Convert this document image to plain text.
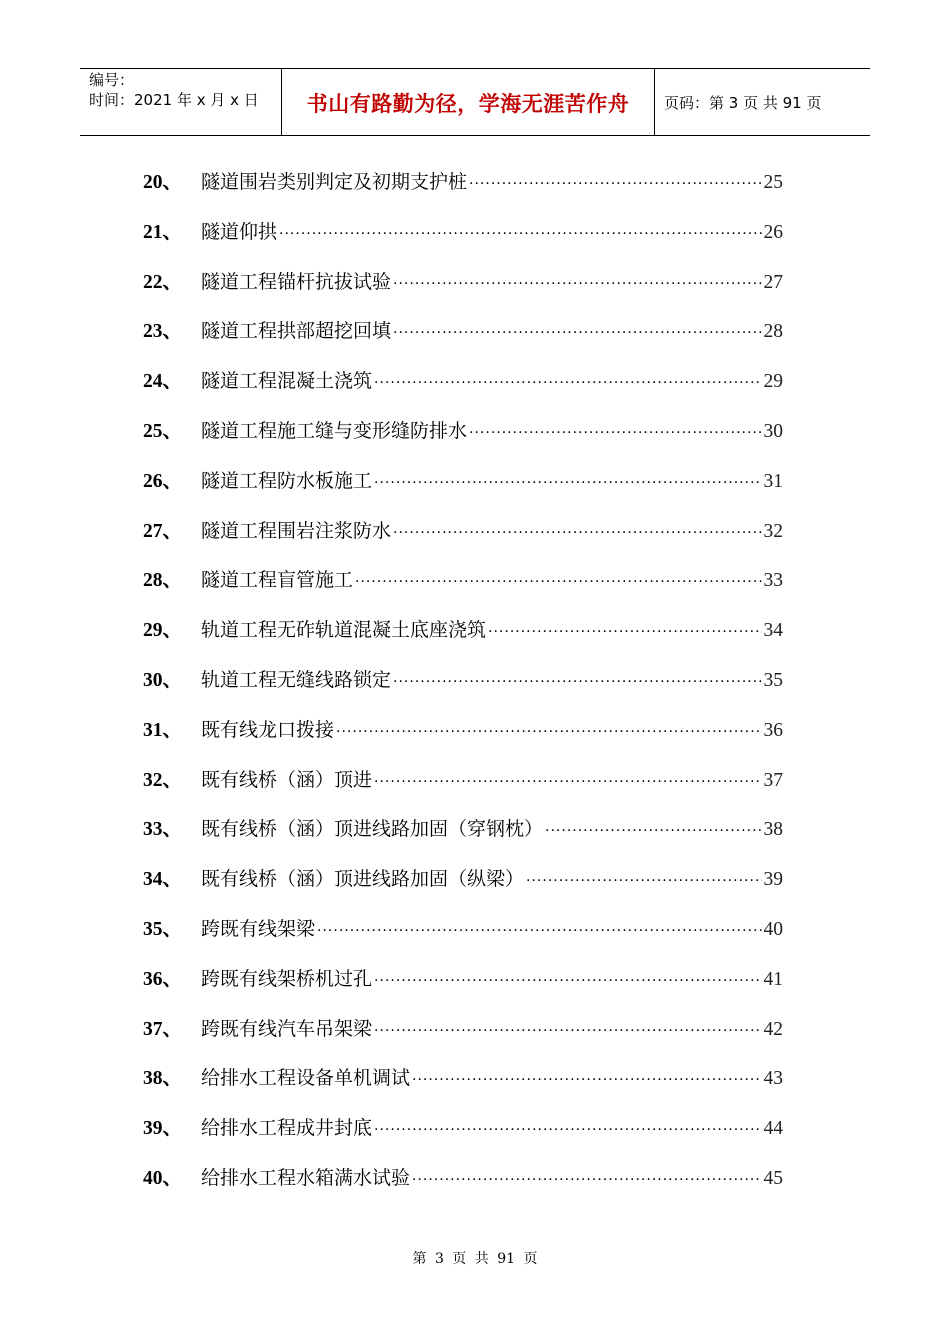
编号：
时间：2021 年 x 月 x 日	书山有路勤为径，学海无涯苦作舟	页码：第 3 页 共 91 页
20、 隧道围岩类别判定及初期支护桩 ·····	25
21、 隧道仰拱 ·····	26
22、 隧道工程锚杆抗拔试验 ·····	27
23、 隧道工程拱部超挖回填 ·····	28
24、 隧道工程混凝土浇筑 ·····	29
25、 隧道工程施工缝与变形缝防排水 ·····	30
26、 隧道工程防水板施工 ·····	31
27、 隧道工程围岩注浆防水 ·····	32
28、 隧道工程盲管施工 ·····	33
29、 轨道工程无砟轨道混凝土底座浇筑 ·····	34
30、 轨道工程无缝线路锁定 ·····	35
31、 既有线龙口拨接 ·····	36
32、 既有线桥（涵）顶进 ·····	37
33、 既有线桥（涵）顶进线路加固（穿钢枕） ·····	38
34、 既有线桥（涵）顶进线路加固（纵梁） ·····	39
35、 跨既有线架梁 ·····	40
36、 跨既有线架桥机过孔 ·····	41
37、 跨既有线汽车吊架梁 ·····	42
38、 给排水工程设备单机调试 ·····	43
39、 给排水工程成井封底 ·····	44
40、 给排水工程水箱满水试验 ·····	45
第 3 页 共 91 页
